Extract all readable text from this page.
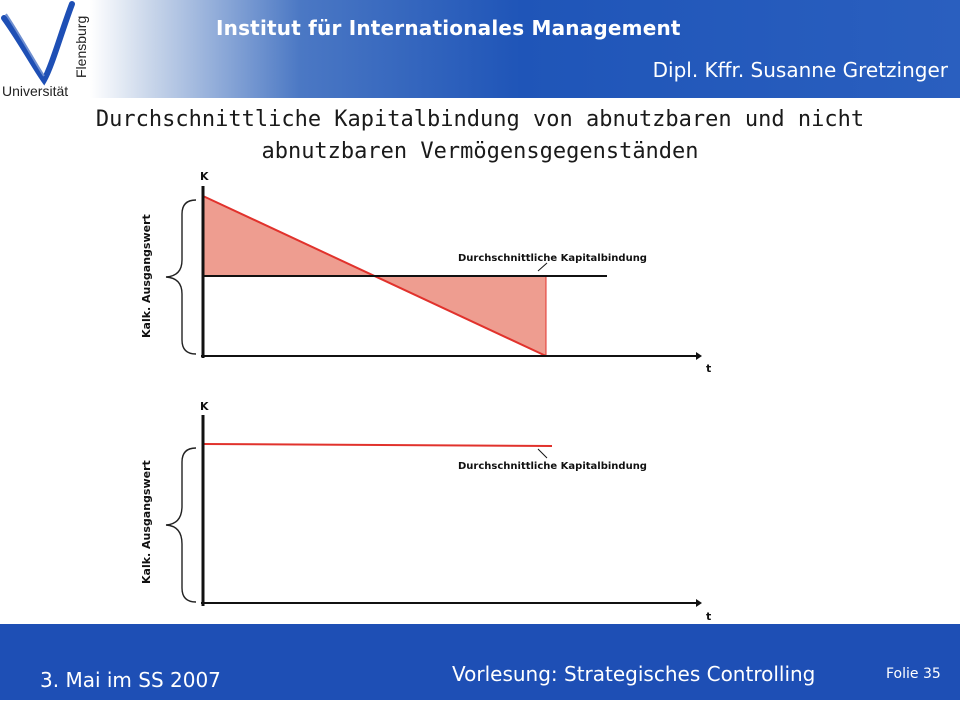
Flensburg
Universität
Institut für Internationales Management
Dipl. Kffr. Susanne Gretzinger
Durchschnittliche Kapitalbindung von abnutzbaren und nicht
abnutzbaren Vermögensgegenständen
K
t
Kalk. Ausgangswert	Durchschnittliche Kapitalbindung
K
t
Kalk. Ausgangswert	Durchschnittliche Kapitalbindung
3. Mai im SS 2007	Vorlesung: Strategisches Controlling	Folie 35
